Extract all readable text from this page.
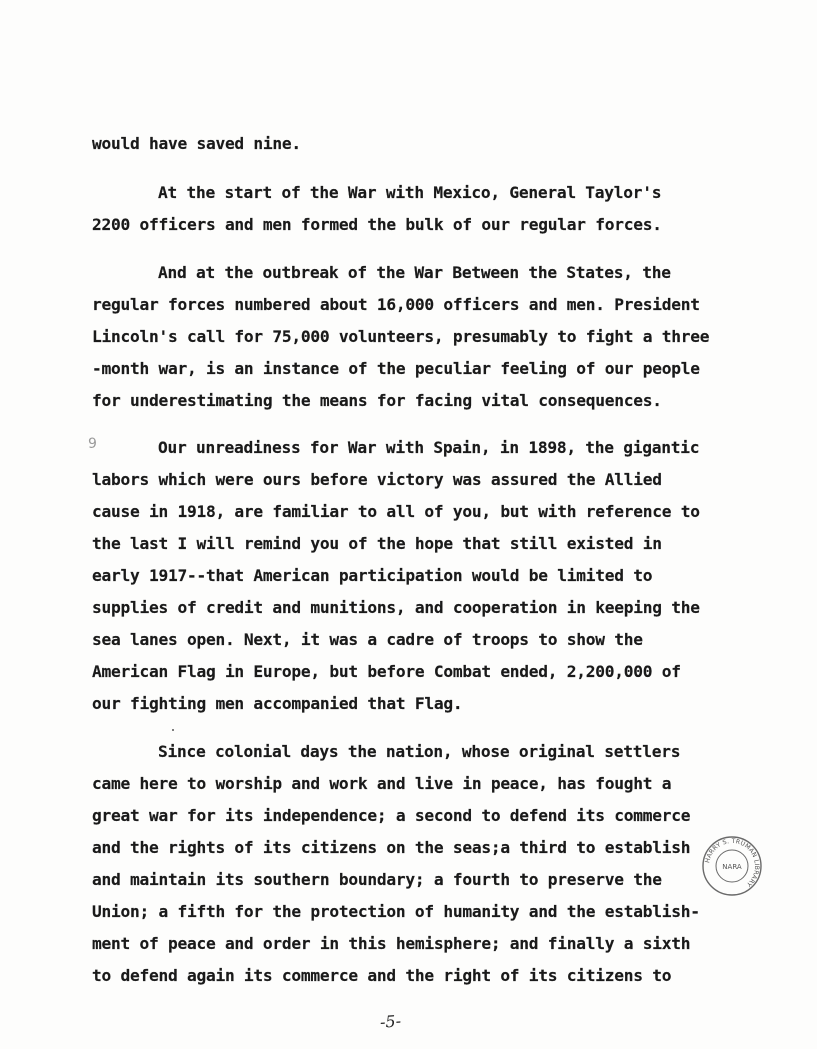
would have saved nine.
At the start of the War with Mexico, General Taylor's
2200 officers and men formed the bulk of our regular forces.
And at the outbreak of the War Between the States, the
regular forces numbered about 16,000 officers and men. President
Lincoln's call for 75,000 volunteers, presumably to fight a three
-month war, is an instance of the peculiar feeling of our people
for underestimating the means for facing vital consequences.
9	Our unreadiness for War with Spain, in 1898, the gigantic
labors which were ours before victory was assured the Allied
cause in 1918, are familiar to all of you, but with reference to
the last I will remind you of the hope that still existed in
early 1917--that American participation would be limited to
supplies of credit and munitions, and cooperation in keeping the
sea lanes open. Next, it was a cadre of troops to show the
American Flag in Europe, but before Combat ended, 2,200,000 of
our fighting men accompanied that Flag.
Since colonial days the nation, whose original settlers
came here to worship and work and live in peace, has fought a
great war for its independence; a second to defend its commerce
and the rights of its citizens on the seas;a third to establish
and maintain its southern boundary; a fourth to preserve the
Union; a fifth for the protection of humanity and the establish-
ment of peace and order in this hemisphere; and finally a sixth
to defend again its commerce and the right of its citizens to
HARRY S. TRUMAN LIBRARY
NARA
-5-
